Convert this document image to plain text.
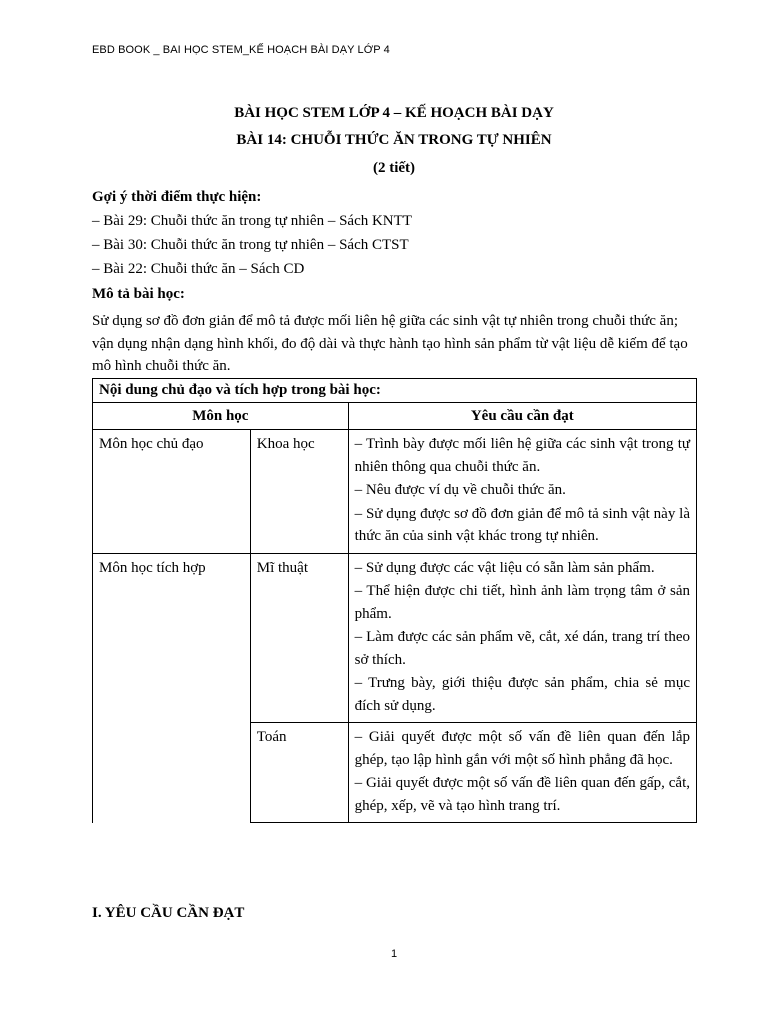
EBD BOOK _ BAI HỌC STEM_KẾ HOẠCH BÀI DẠY LỚP 4
BÀI HỌC STEM LỚP 4 – KẾ HOẠCH BÀI DẠY
BÀI 14: CHUỖI THỨC ĂN TRONG TỰ NHIÊN
(2 tiết)
Gợi ý thời điểm thực hiện:
– Bài 29: Chuỗi thức ăn trong tự nhiên – Sách KNTT
– Bài 30: Chuỗi thức ăn trong tự nhiên – Sách CTST
– Bài 22: Chuỗi thức ăn – Sách CD
Mô tả bài học:
Sử dụng sơ đồ đơn giản để mô tả được mối liên hệ giữa các sinh vật tự nhiên trong chuỗi thức ăn; vận dụng nhận dạng hình khối, đo độ dài và thực hành tạo hình sản phẩm từ vật liệu dễ kiếm để tạo mô hình chuỗi thức ăn.
Nội dung chủ đạo và tích hợp trong bài học:		
Môn học		Yêu cầu cần đạt
Môn học chủ đạo	Khoa học	– Trình bày được mối liên hệ giữa các sinh vật trong tự nhiên thông qua chuỗi thức ăn.

– Nêu được ví dụ về chuỗi thức ăn.

– Sử dụng được sơ đồ đơn giản để mô tả sinh vật này là thức ăn của sinh vật khác trong tự nhiên.

Môn học tích hợp	Mĩ thuật	– Sử dụng được các vật liệu có sẵn làm sản phẩm.

– Thể hiện được chi tiết, hình ảnh làm trọng tâm ở sản phẩm.

– Làm được các sản phẩm vẽ, cắt, xé dán, trang trí theo sở thích.

– Trưng bày, giới thiệu được sản phẩm, chia sẻ mục đích sử dụng.

	Toán	– Giải quyết được một số vấn đề liên quan đến lắp ghép, tạo lập hình gắn với một số hình phẳng đã học.

– Giải quyết được một số vấn đề liên quan đến gấp, cắt, ghép, xếp, vẽ và tạo hình trang trí.

I. YÊU CẦU CẦN ĐẠT
1
